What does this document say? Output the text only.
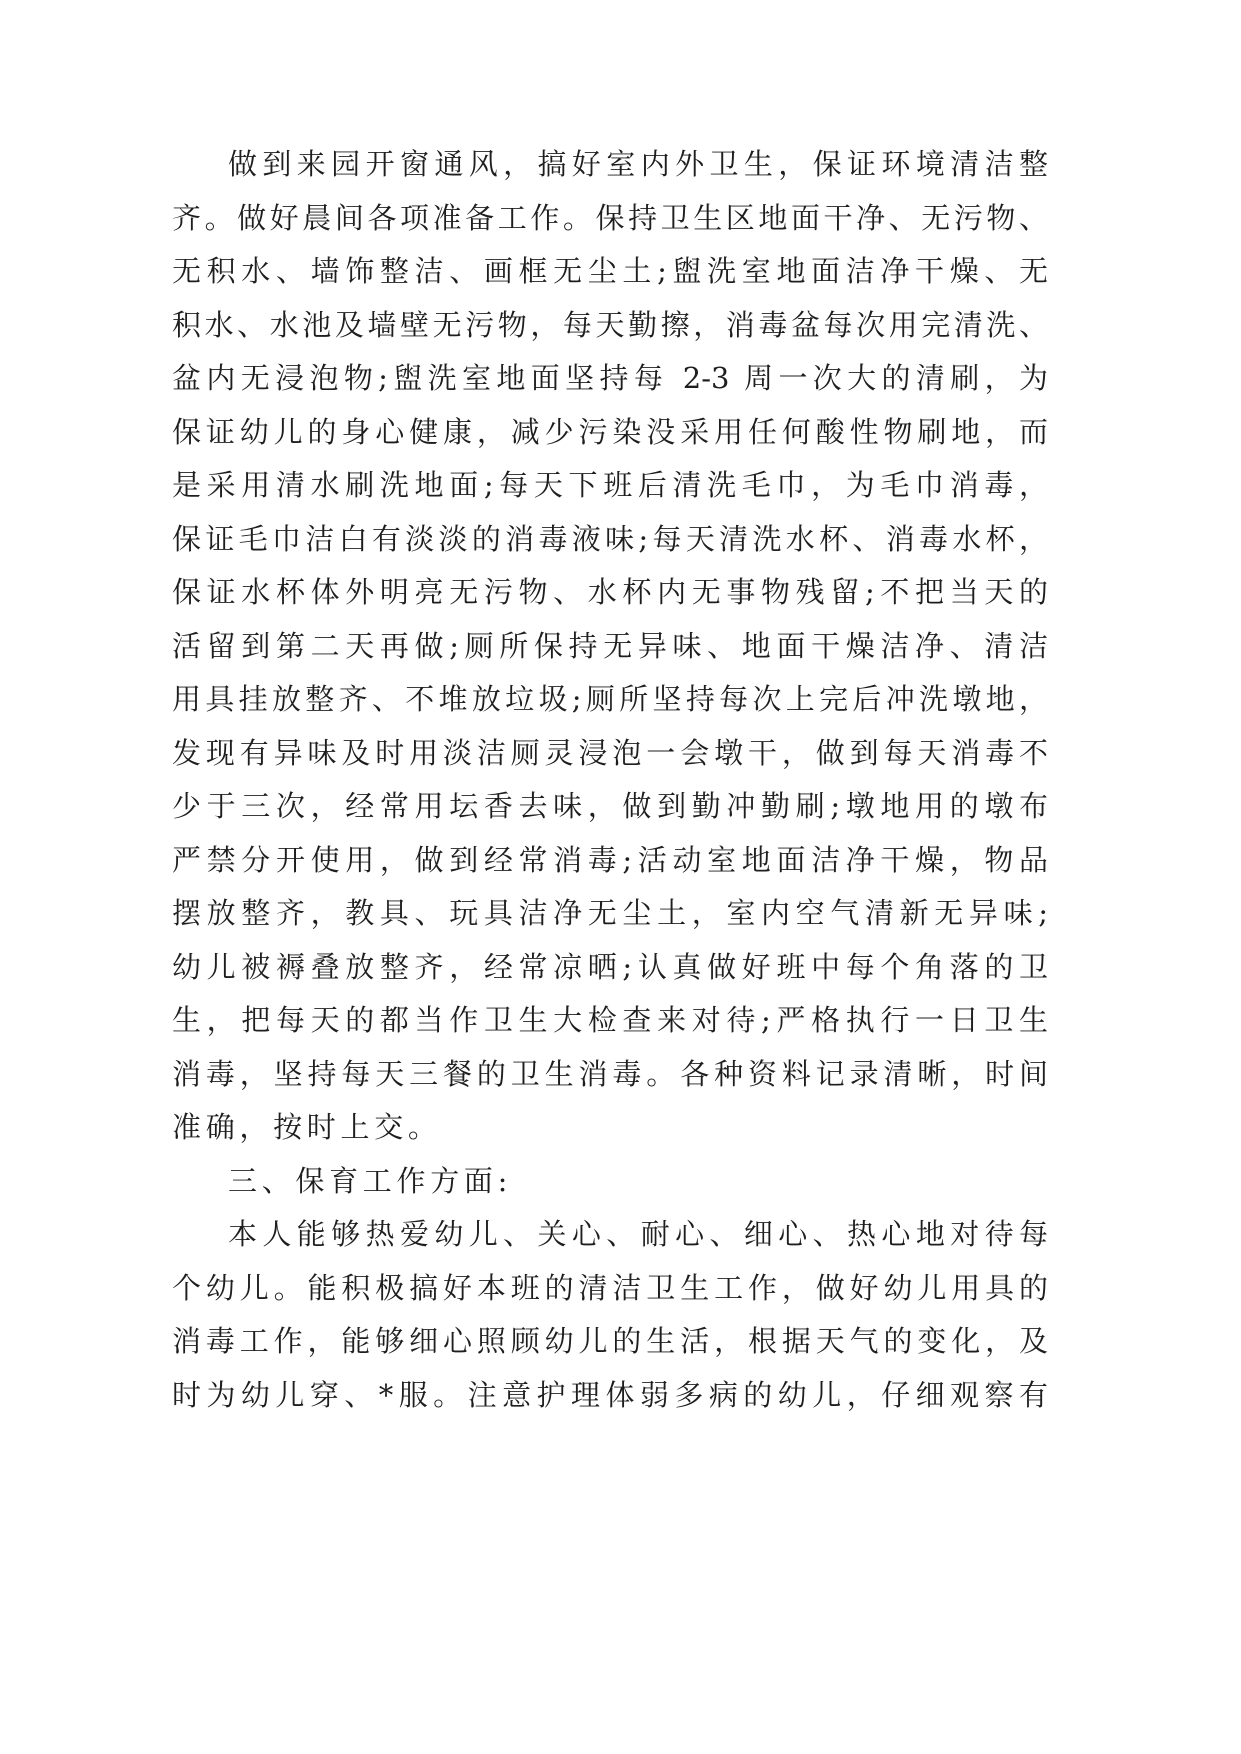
做到来园开窗通风，搞好室内外卫生，保证环境清洁整
齐。做好晨间各项准备工作。保持卫生区地面干净、无污物、
无积水、墙饰整洁、画框无尘土;盥洗室地面洁净干燥、无
积水、水池及墙壁无污物，每天勤擦，消毒盆每次用完清洗、
盆内无浸泡物;盥洗室地面坚持每 2-3 周一次大的清刷，为
保证幼儿的身心健康，减少污染没采用任何酸性物刷地，而
是采用清水刷洗地面;每天下班后清洗毛巾，为毛巾消毒，
保证毛巾洁白有淡淡的消毒液味;每天清洗水杯、消毒水杯，
保证水杯体外明亮无污物、水杯内无事物残留;不把当天的
活留到第二天再做;厕所保持无异味、地面干燥洁净、清洁
用具挂放整齐、不堆放垃圾;厕所坚持每次上完后冲洗墩地，
发现有异味及时用淡洁厕灵浸泡一会墩干，做到每天消毒不
少于三次，经常用坛香去味，做到勤冲勤刷;墩地用的墩布
严禁分开使用，做到经常消毒;活动室地面洁净干燥，物品
摆放整齐，教具、玩具洁净无尘土，室内空气清新无异味;
幼儿被褥叠放整齐，经常凉晒;认真做好班中每个角落的卫
生，把每天的都当作卫生大检查来对待;严格执行一日卫生
消毒，坚持每天三餐的卫生消毒。各种资料记录清晰，时间
准确，按时上交。
三、保育工作方面:
本人能够热爱幼儿、关心、耐心、细心、热心地对待每
个幼儿。能积极搞好本班的清洁卫生工作，做好幼儿用具的
消毒工作，能够细心照顾幼儿的生活，根据天气的变化，及
时为幼儿穿、*服。注意护理体弱多病的幼儿，仔细观察有
